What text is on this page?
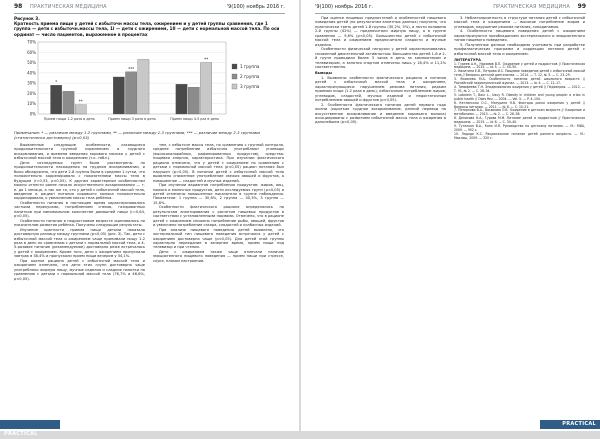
98 ПРАКТИЧЕСКАЯ МЕДИЦИНА	'9(100) ноябрь 2016 г.
Рисунок 3.
Кратность приема пищи у детей с избыточн массы тела, ожирением и у детей группы сравнения, где 1 группа — дети с избыточн.массы тела, 1I — дети с ожирением, 1II — дети с нормальной массой тела. По оси ординат — число пациентов, выраженное в процентах
0%
10%
20%
30%
40%
50%
60%
70%
Прием пищи 1-2 раза в день	Прием пищи 3 раза в день	Прием пищи 4-5 раз в день
*
**
***
**
1 группа
2 группа
3 группа
Примечание: * — различие между 1-2 группами, ** — различие между 1-3 группами, *** — различие между 2-3 группами (статистически достоверно) (р<0,05)

Выявленные следующие особенности, касающиеся продолжительности группой кормлением и грудного вскармливания, и времени введения корового молока у детей с избыточной массой тела и ожирением (т.к. табл.).

Дети исследуемых групп были рассмотрены по продолжительности нахождения на грудном вскармливании, и было обнаружено, что дети 2-й группы были в среднем 1 сутки, что положительно коррелировало с показателями массы тела в будущем (r=0,53, p<0,05). К другим характерным особенностям можно отнести ранее начало искусственного вскармливания — т. е. до 1 месяца, а так же то, что у детей с избыточной массой тела, введение в рацион питания коровьего молока положительно коррелировало, к увеличению массы тела ребёнка.

Особенности питания в настоящее время характеризовались частыми перекусами, потреблением снеков, газированных напитков при минимальном количестве домашней пищи (r=0,64, p<0,05).

Особенности питания в подростковом возрасте оценивались по показателям развития ребёнка. Получены следующие результаты.

Изучение кратности приема пищи детьми показало достоверную разницу между группами (p<0,05) (рис. 3). Так, дети с избыточной массой тела и ожирением чаще принимали пищу 1-2 раза в день по сравнению с детьми с нормальной массой тела, а 4-5-разовое питание (рекомендуемое) достоверно реже встречалось у детей с ожирением. Кроме того, дети с ожирением пропускали завтрак в 38,4% и пропускали прием пищи вечером у 34,1%.

При оценке рациона детей с избыточной массой тела и ожирением отмечено, что дети этих групп достоверно чаще употребляли жирную пищу, мучные изделия и сладкие напитки по сравнению с детьми с нормальной массой тела (76,7% и 46,6%, р<0,05).

тем, с избыточн массы тела, по сравнению с группой контроля, среднее потребление избыточно употребляют углеводы (высококалорийных, рафинированных продуктов), средства: пищевая энергия, характеристика. При изучении фактического рациона отмечено, что у детей с ожирением по сравнению с детьми с нормальной массой тела (p<0,05) рацион питания был нарушен (p=0,05). В питании детей с избыточной массой тела выявлено сниженное употребление свежих овощей и фруктов, а повышенное — сладостей и мучных изделий.

При изучении вариантов потребления продуктов: жиров, яиц, молока и молочных продуктов, дети исследуемых групп (р<0,05) и детей отмечены повышенные показатели в группе наблюдения. Показатели: 1 группа — 30,6%, 2 группа — 40,3%, 3 группа — 15,6%.

Особенности фактического рациона определялись по результатам анкетирования с расчетом пищевых продуктов в соответствии с установленными нормами. Отмечено, что в рационе детей с ожирением снижено потребление рыбы, овощей, фруктов и увеличено потребление сахара, сладостей и колбасных изделий.

При анализе пищевого поведения детей выявлено, что экстернальный тип пищевого поведения встречался у детей с ожирением достоверно чаще (р<0,05). Для детей этой группы характерно переедание в вечернее время, прием пищи под телевизор и при чтении.

Дети с ожирением также чаще отмечали наличие эмоциогенного пищевого поведения — прием пищи при стрессе, скуке, плохом настроении.

PRACTICAL
'9(100) ноябрь 2016 г.	ПРАКТИЧЕСКАЯ МЕДИЦИНА 99

При оценке пищевых предпочтений и особенностей пищевого поведения детей (по результатам анкетных данных) получено, что практически треть детей 1-й группы (30,2%, 5%), и почти половина 2-й группы (42%) — предпочитали жирную пищу, а в группе сравнения — 9,6% (р<0,05). Большинство детей с избыточной массой тела и ожирением предпочитали сладости и мучные изделия.

Особенности физической нагрузки у детей характеризовались сниженной двигательной активностью: большинство детей 1-й и 2-й групп проводили более 3 часов в день за компьютером и телевизором, а занятия спортом отмечены лишь у 18,4% и 11,2% соответственно.

Выводы

1. Выявлены особенности фактического рациона и питания детей с избыточной массой тела и ожирением, характеризующиеся: нарушением режима питания, редким приемом пищи (1-2 раза в день), избыточным потреблением жиров, углеводов, сладостей, мучных изделий и недостаточным потреблением овощей и фруктов (р<0,05).

2. Особенности фактического питания детей первого года жизни (короткое грудное вскармливание, ранний перевод на искусственное вскармливание и введение коровьего молока) ассоциированы с развитием избыточной массы тела и ожирения в дальнейшем (р<0,05).

3. Неблагоприятность в структуре питания детей с избыточной массой тела и ожирением — высокое потребление жиров и углеводов, нарушение режима питания, гиподинамия.

4. Особенности пищевого поведения детей с ожирением характеризуются преобладанием экстернального и эмоциогенного типов пищевого поведения.

5. Полученные данные необходимо учитывать при разработке профилактических программ и коррекции питания детей с избыточной массой тела и ожирением.

ЛИТЕРАТУРА

1. Гуреев А.Н., Нахимов В.П. Ожирение у детей и подростков // Практическая медицина. — 2015. — № 5. — С. 45–50.

2. Никитина Е.В., Петрова И.С. Пищевое поведение детей с избыточной массой тела // Вопросы детской диетологии. — 2014. — Т. 12, № 3. — С. 23–29.

3. Яковлева М.А. Особенности питания детей школьного возраста // Российский педиатрический журнал. — 2013. — № 4. — С. 12–17.

4. Тимофеева Т.Н. Эпидемиология ожирения у детей // Педиатрия. — 2012. — Т. 91, № 2. — С. 28–34.

5. Lobstein T., Baur L., Uauy R. Obesity in children and young people: a crisis in public health // Obes Rev. — 2004. — Vol. 5. — P. 4–104.

6. Кетлинская О.С., Мазурина Н.В. Факторы риска ожирения у детей // Вопросы питания. — 2011. — № 6. — С. 15–21.

7. Петеркова В.А., Васюкова О.В. Ожирение в детском возрасте // Ожирение и метаболизм. — 2013. — № 2. — С. 28–38.

8. Денисова Н.А., Гурова М.М. Питание детей и подростков // Практическая медицина. — 2015. — № 6. — С. 34–40.

9. Тутельян В.А., Конь И.Я. Руководство по детскому питанию. — М.: МИА, 2009. — 952 с.

10. Ладодо К.С. Рациональное питание детей раннего возраста. — М.: Миклош, 2009. — 320 с.

PRACTICAL
